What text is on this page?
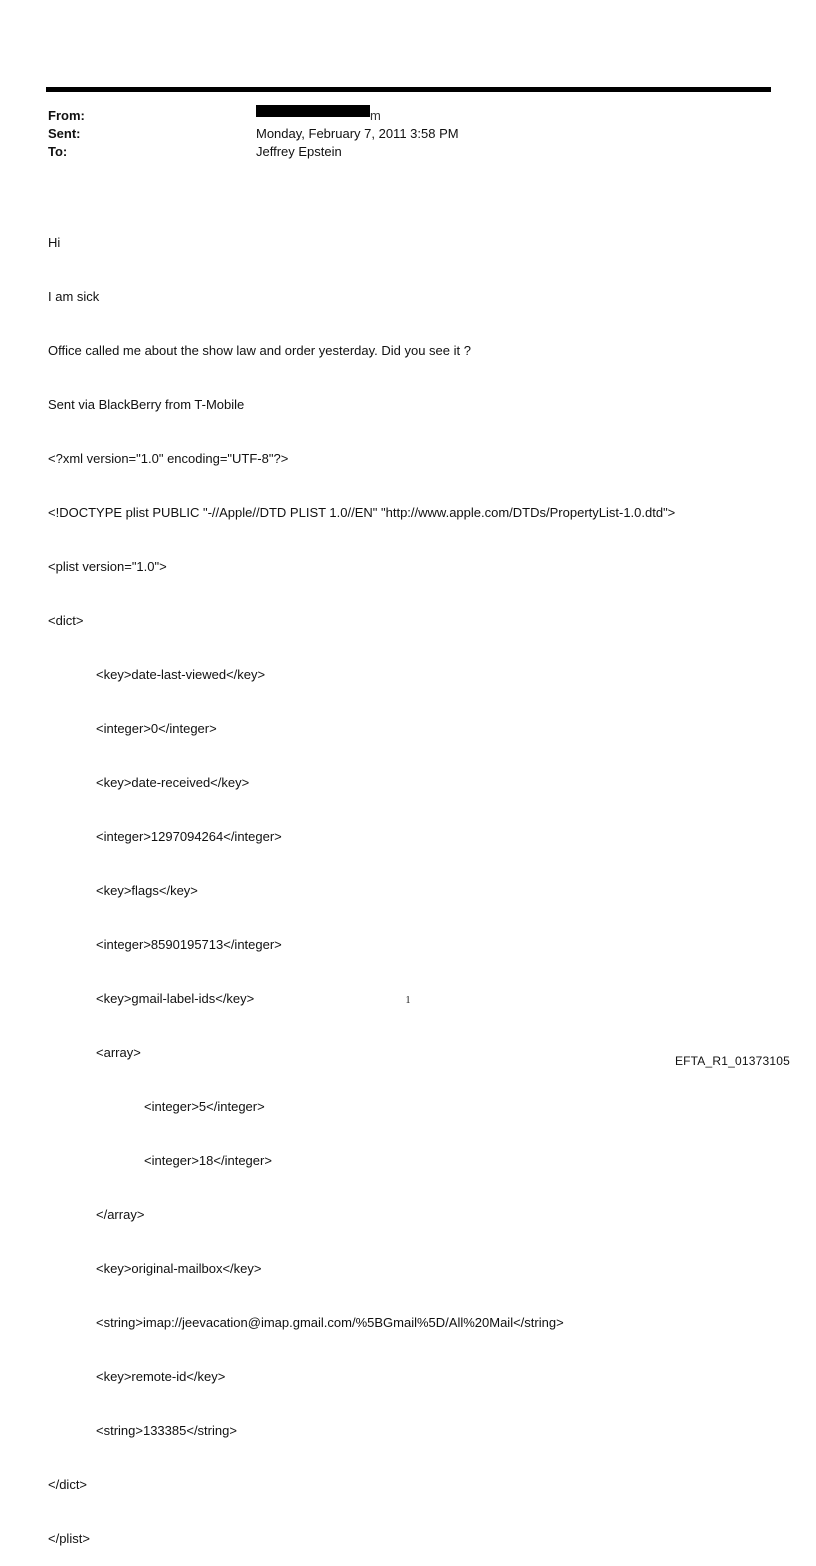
From:	m
Sent:	Monday, February 7, 2011 3:58 PM
To:	Jeffrey Epstein

Hi

I am sick

Office called me about the show law and order yesterday. Did you see it ?

Sent via BlackBerry from T-Mobile

<?xml version="1.0" encoding="UTF-8"?>

<!DOCTYPE plist PUBLIC "-//Apple//DTD PLIST 1.0//EN" "http://www.apple.com/DTDs/PropertyList-1.0.dtd">

<plist version="1.0">

<dict>

<key>date-last-viewed</key>

<integer>0</integer>

<key>date-received</key>

<integer>1297094264</integer>

<key>flags</key>

<integer>8590195713</integer>

<key>gmail-label-ids</key>

<array>

<integer>5</integer>

<integer>18</integer>

</array>

<key>original-mailbox</key>

<string>imap://jeevacation@imap.gmail.com/%5BGmail%5D/All%20Mail</string>

<key>remote-id</key>

<string>133385</string>

</dict>

</plist>

1
EFTA_R1_01373105
